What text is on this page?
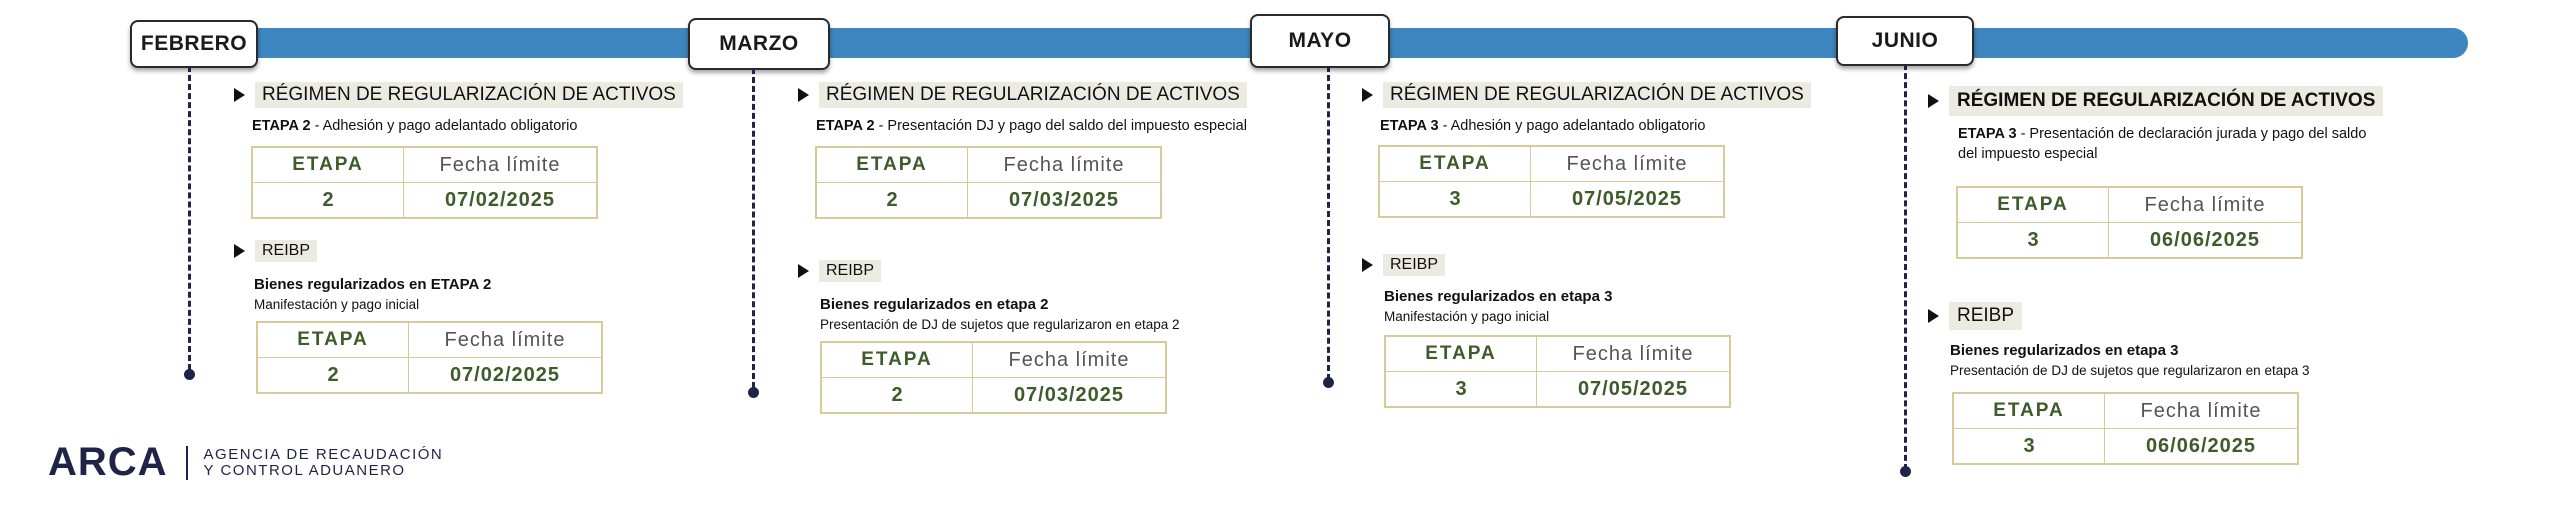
FEBRERO	MARZO	MAYO	JUNIO
RÉGIMEN DE REGULARIZACIÓN DE ACTIVOS
ETAPA 2 - Adhesión y pago adelantado obligatorio
ETAPA	Fecha límite
2	07/02/2025
REIBP
Bienes regularizados en ETAPA 2
Manifestación y pago inicial
ETAPA	Fecha límite
2	07/02/2025
RÉGIMEN DE REGULARIZACIÓN DE ACTIVOS
ETAPA 2 - Presentación DJ y pago del saldo del impuesto especial
ETAPA	Fecha límite
2	07/03/2025
REIBP
Bienes regularizados en etapa 2
Presentación de DJ de sujetos que regularizaron en etapa 2
ETAPA	Fecha límite
2	07/03/2025
RÉGIMEN DE REGULARIZACIÓN DE ACTIVOS
ETAPA 3 - Adhesión y pago adelantado obligatorio
ETAPA	Fecha límite
3	07/05/2025
REIBP
Bienes regularizados en etapa 3
Manifestación y pago inicial
ETAPA	Fecha límite
3	07/05/2025
RÉGIMEN DE REGULARIZACIÓN DE ACTIVOS
ETAPA 3 - Presentación de declaración jurada y pago del saldo del impuesto especial
ETAPA	Fecha límite
3	06/06/2025
REIBP
Bienes regularizados en etapa 3
Presentación de DJ de sujetos que regularizaron en etapa 3
ETAPA	Fecha límite
3	06/06/2025
ARCA AGENCIA DE RECAUDACIÓN
Y CONTROL ADUANERO
